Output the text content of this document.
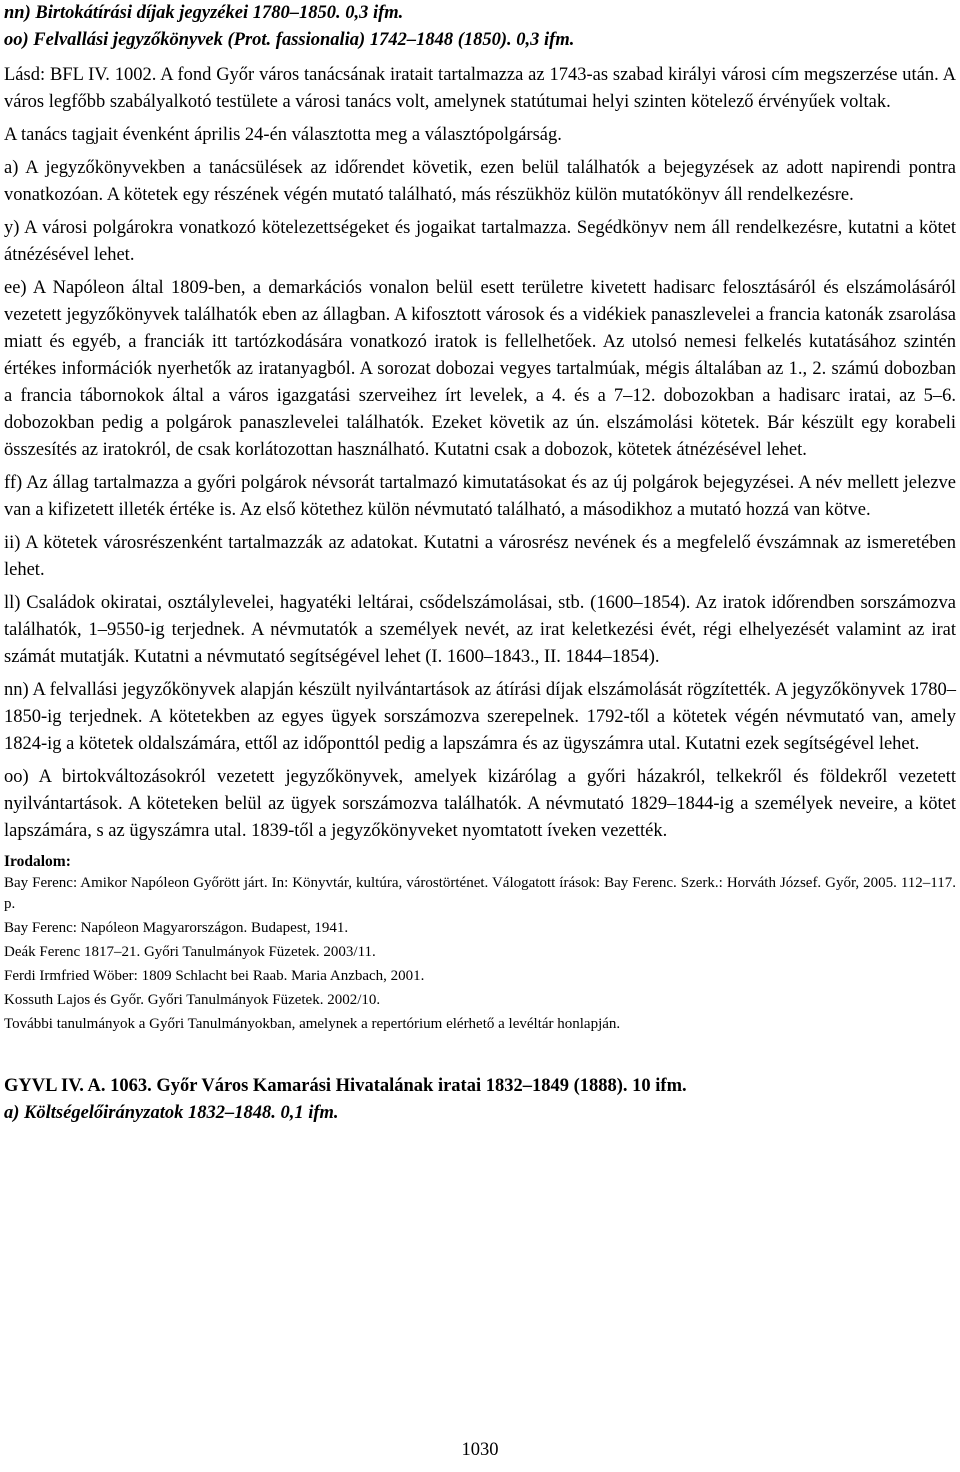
nn) Birtokátírási díjak jegyzékei 1780–1850. 0,3 ifm.

oo) Felvallási jegyzőkönyvek (Prot. fassionalia) 1742–1848 (1850). 0,3 ifm.

Lásd: BFL IV. 1002. A fond Győr város tanácsának iratait tartalmazza az 1743-as szabad királyi városi cím megszerzése után. A város legfőbb szabályalkotó testülete a városi tanács volt, amelynek statútumai helyi szinten kötelező érvényűek voltak.

A tanács tagjait évenként április 24-én választotta meg a választópolgárság.

a) A jegyzőkönyvekben a tanácsülések az időrendet követik, ezen belül találhatók a bejegyzések az adott napirendi pontra vonatkozóan. A kötetek egy részének végén mutató található, más részükhöz külön mutatókönyv áll rendelkezésre.

y) A városi polgárokra vonatkozó kötelezettségeket és jogaikat tartalmazza. Segédkönyv nem áll rendelkezésre, kutatni a kötet átnézésével lehet.

ee) A Napóleon által 1809-ben, a demarkációs vonalon belül esett területre kivetett hadisarc felosztásáról és elszámolásáról vezetett jegyzőkönyvek találhatók eben az állagban. A kifosztott városok és a vidékiek panaszlevelei a francia katonák zsarolása miatt és egyéb, a franciák itt tartózkodására vonatkozó iratok is fellelhetőek. Az utolsó nemesi felkelés kutatásához szintén értékes információk nyerhetők az iratanyagból. A sorozat dobozai vegyes tartalmúak, mégis általában az 1., 2. számú dobozban a francia tábornokok által a város igazgatási szerveihez írt levelek, a 4. és a 7–12. dobozokban a hadisarc iratai, az 5–6. dobozokban pedig a polgárok panaszlevelei találhatók. Ezeket követik az ún. elszámolási kötetek. Bár készült egy korabeli összesítés az iratokról, de csak korlátozottan használható. Kutatni csak a dobozok, kötetek átnézésével lehet.

ff) Az állag tartalmazza a győri polgárok névsorát tartalmazó kimutatásokat és az új polgárok bejegyzései. A név mellett jelezve van a kifizetett illeték értéke is. Az első kötethez külön névmutató található, a másodikhoz a mutató hozzá van kötve.

ii) A kötetek városrészenként tartalmazzák az adatokat. Kutatni a városrész nevének és a megfelelő évszámnak az ismeretében lehet.

ll) Családok okiratai, osztálylevelei, hagyatéki leltárai, csődelszámolásai, stb. (1600–1854). Az iratok időrendben sorszámozva találhatók, 1–9550-ig terjednek. A névmutatók a személyek nevét, az irat keletkezési évét, régi elhelyezését valamint az irat számát mutatják. Kutatni a névmutató segítségével lehet (I. 1600–1843., II. 1844–1854).

nn) A felvallási jegyzőkönyvek alapján készült nyilvántartások az átírási díjak elszámolását rögzítették. A jegyzőkönyvek 1780–1850-ig terjednek. A kötetekben az egyes ügyek sorszámozva szerepelnek. 1792-től a kötetek végén névmutató van, amely 1824-ig a kötetek oldalszámára, ettől az időponttól pedig a lapszámra és az ügyszámra utal. Kutatni ezek segítségével lehet.

oo) A birtokváltozásokról vezetett jegyzőkönyvek, amelyek kizárólag a győri házakról, telkekről és földekről vezetett nyilvántartások. A köteteken belül az ügyek sorszámozva találhatók. A névmutató 1829–1844-ig a személyek neveire, a kötet lapszámára, s az ügyszámra utal. 1839-től a jegyzőkönyveket nyomtatott íveken vezették.

Irodalom:

Bay Ferenc: Amikor Napóleon Győrött járt. In: Könyvtár, kultúra, várostörténet. Válogatott írások: Bay Ferenc. Szerk.: Horváth József. Győr, 2005. 112–117. p.

Bay Ferenc: Napóleon Magyarországon. Budapest, 1941.

Deák Ferenc 1817–21. Győri Tanulmányok Füzetek. 2003/11.

Ferdi Irmfried Wöber: 1809 Schlacht bei Raab. Maria Anzbach, 2001.

Kossuth Lajos és Győr. Győri Tanulmányok Füzetek. 2002/10.

További tanulmányok a Győri Tanulmányokban, amelynek a repertórium elérhető a levéltár honlapján.

GYVL IV. A. 1063. Győr Város Kamarási Hivatalának iratai 1832–1849 (1888). 10 ifm.

a) Költségelőirányzatok 1832–1848. 0,1 ifm.

1030
